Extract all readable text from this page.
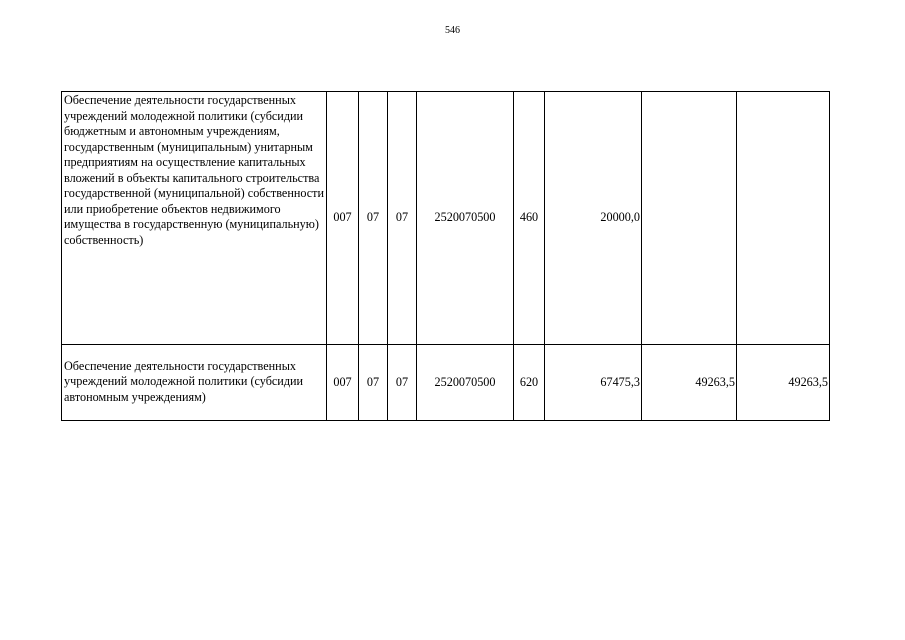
546
Обеспечение деятельности государственных учреждений молодежной политики (субсидии бюджетным и автономным учреждениям, государственным (муниципальным) унитарным предприятиям на осуществление капитальных вложений в объекты капитального строительства государственной (муниципальной) собственности или приобретение объектов недвижимого имущества в государственную (муниципальную) собственность)	007	07	07	2520070500	460	20000,0		
Обеспечение деятельности государственных учреждений молодежной политики (субсидии автономным учреждениям)	007	07	07	2520070500	620	67475,3	49263,5	49263,5
